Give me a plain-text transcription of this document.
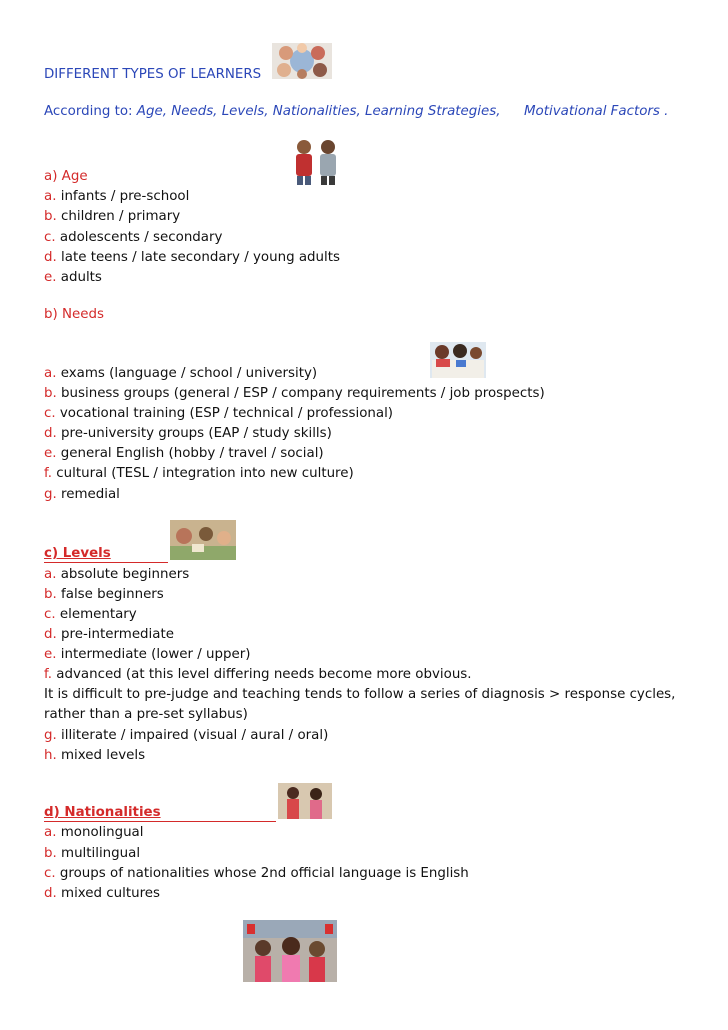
DIFFERENT TYPES OF LEARNERS
According to: Age, Needs, Levels, Nationalities, Learning Strategies, Motivational Factors .
a) Age
a. infants / pre-school
b. children / primary
c. adolescents / secondary
d. late teens / late secondary / young adults
e. adults
b) Needs
a. exams (language / school / university)
b. business groups (general / ESP / company requirements / job prospects)
c. vocational training (ESP / technical / professional)
d. pre-university groups (EAP / study skills)
e. general English (hobby / travel / social)
f. cultural (TESL / integration into new culture)
g. remedial
c) Levels
a. absolute beginners
b. false beginners
c. elementary
d. pre-intermediate
e. intermediate (lower / upper)
f. advanced (at this level differing needs become more obvious.
It is difficult to pre-judge and teaching tends to follow a series of diagnosis > response cycles,
rather than a pre-set syllabus)
g. illiterate / impaired (visual / aural / oral)
h. mixed levels
d) Nationalities
a. monolingual
b. multilingual
c. groups of nationalities whose 2nd official language is English
d. mixed cultures
